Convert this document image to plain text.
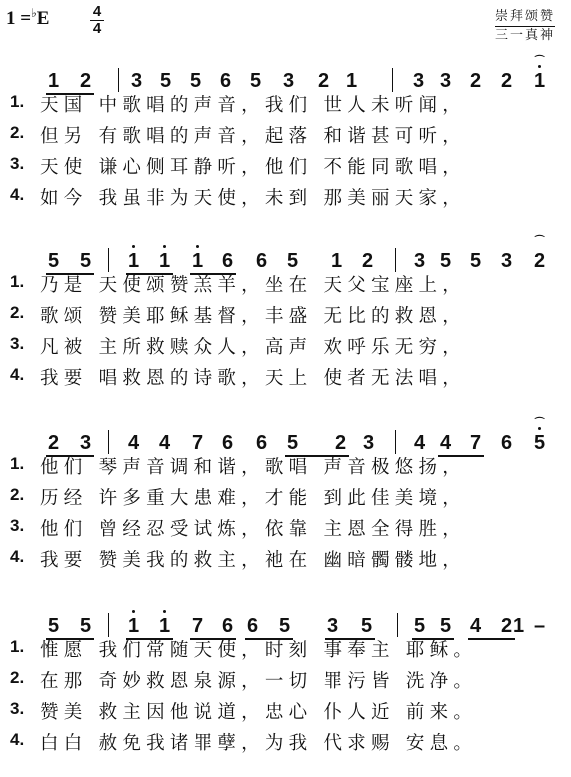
1 =♭E	4
4
崇拜颂赞
三一真神
1 2 3 5 5 6 5 3 2 1	3 3 2 2 1
⌒
1. 天国 中歌唱的声音，我们 世人未听闻，
2. 但另 有歌唱的声音，起落 和谐甚可听，
3. 天使 谦心侧耳静听，他们 不能同歌唱，
4. 如今 我虽非为天使，未到 那美丽天家，
5 5 1 1 1 6 6 5 1 2 3 5 5 3 2
⌒
1. 乃是 天使颂赞羔羊，坐在 天父宝座上，
2. 歌颂 赞美耶稣基督，丰盛 无比的救恩，
3. 凡被 主所救赎众人，高声 欢呼乐无穷，
4. 我要 唱救恩的诗歌，天上 使者无法唱，
2 3 4 4 7 6 6 5 2 3 4 4 7 6 5
⌒
1. 他们 琴声音调和谐，歌唱 声音极悠扬，
2. 历经 许多重大患难，才能 到此佳美境，
3. 他们 曾经忍受试炼，依靠 主恩全得胜，
4. 我要 赞美我的救主，祂在 幽暗髑髅地，
5 5 1 1 7 6 6 5 3 5 5 5 4 2 1 –
1. 惟愿 我们常随天使，时刻 事奉主 耶稣。
2. 在那 奇妙救恩泉源，一切 罪污皆 洗净。
3. 赞美 救主因他说道，忠心 仆人近 前来。
4. 白白 赦免我诸罪孽，为我 代求赐 安息。
